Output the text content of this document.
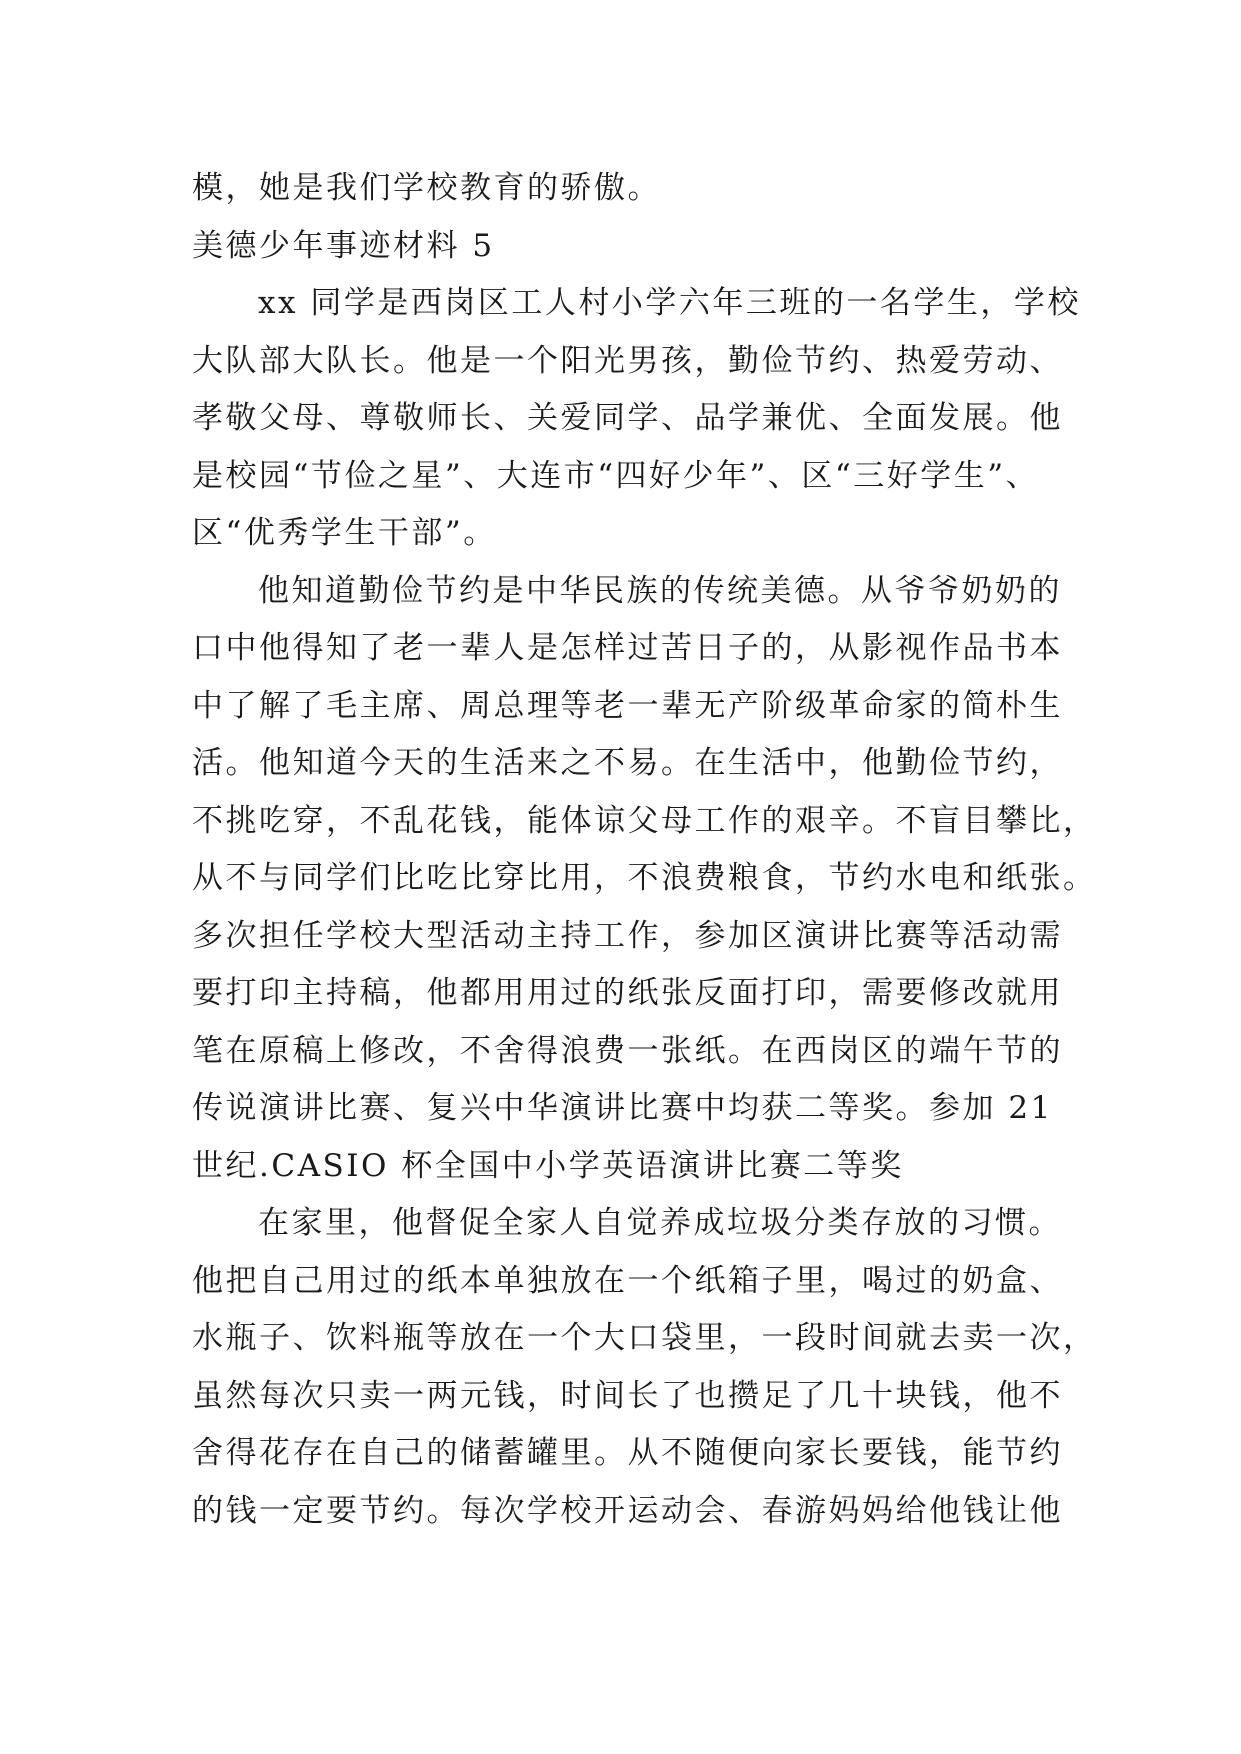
模，她是我们学校教育的骄傲。
美德少年事迹材料 5
xx 同学是西岗区工人村小学六年三班的一名学生，学校
大队部大队长。他是一个阳光男孩，勤俭节约、热爱劳动、
孝敬父母、尊敬师长、关爱同学、品学兼优、全面发展。他
是校园“节俭之星”、大连市“四好少年”、区“三好学生”、
区“优秀学生干部”。
他知道勤俭节约是中华民族的传统美德。从爷爷奶奶的
口中他得知了老一辈人是怎样过苦日子的，从影视作品书本
中了解了毛主席、周总理等老一辈无产阶级革命家的简朴生
活。他知道今天的生活来之不易。在生活中，他勤俭节约，
不挑吃穿，不乱花钱，能体谅父母工作的艰辛。不盲目攀比，
从不与同学们比吃比穿比用，不浪费粮食，节约水电和纸张。
多次担任学校大型活动主持工作，参加区演讲比赛等活动需
要打印主持稿，他都用用过的纸张反面打印，需要修改就用
笔在原稿上修改，不舍得浪费一张纸。在西岗区的端午节的
传说演讲比赛、复兴中华演讲比赛中均获二等奖。参加 21
世纪.CASIO 杯全国中小学英语演讲比赛二等奖
在家里，他督促全家人自觉养成垃圾分类存放的习惯。
他把自己用过的纸本单独放在一个纸箱子里，喝过的奶盒、
水瓶子、饮料瓶等放在一个大口袋里，一段时间就去卖一次，
虽然每次只卖一两元钱，时间长了也攒足了几十块钱，他不
舍得花存在自己的储蓄罐里。从不随便向家长要钱，能节约
的钱一定要节约。每次学校开运动会、春游妈妈给他钱让他
